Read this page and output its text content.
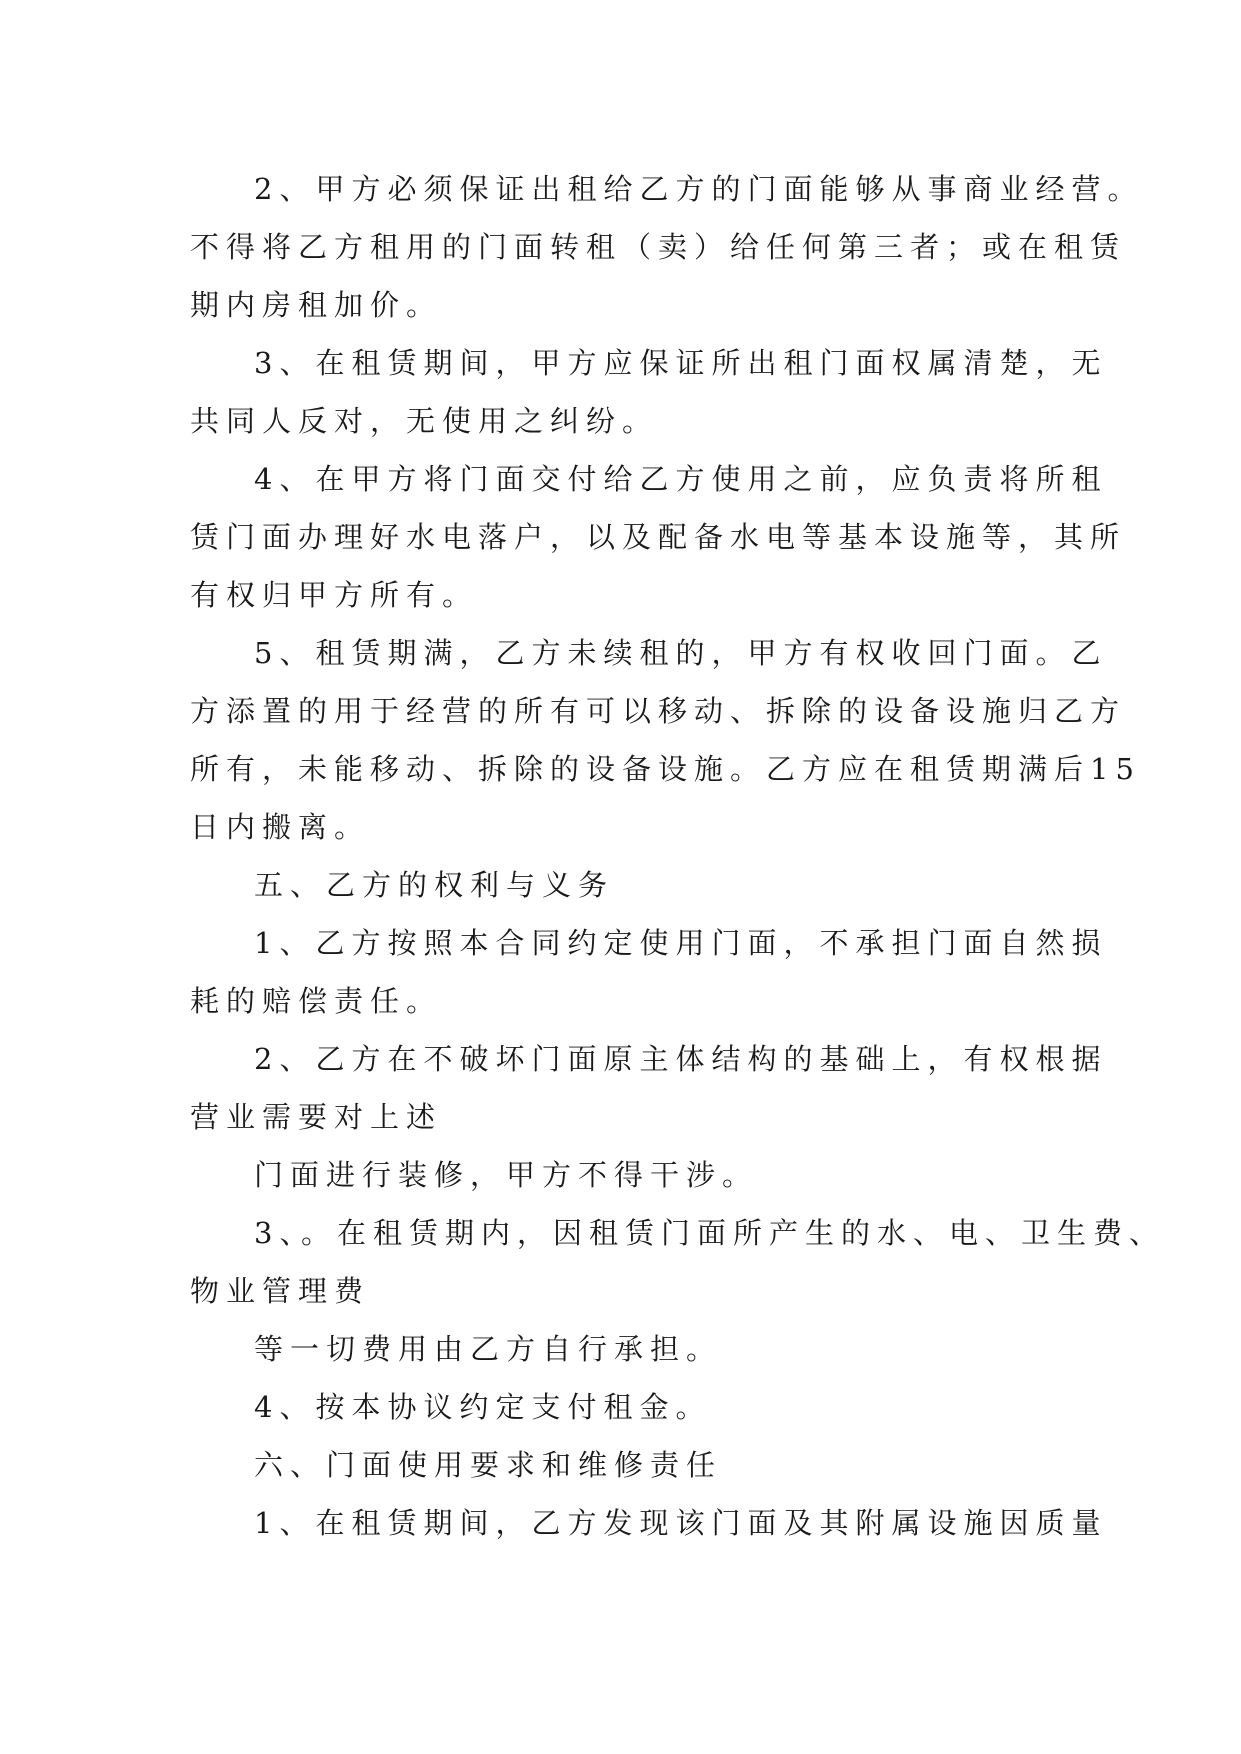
2、甲方必须保证出租给乙方的门面能够从事商业经营。
不得将乙方租用的门面转租（卖）给任何第三者；或在租赁
期内房租加价。
3、在租赁期间，甲方应保证所出租门面权属清楚，无
共同人反对，无使用之纠纷。
4、在甲方将门面交付给乙方使用之前，应负责将所租
赁门面办理好水电落户，以及配备水电等基本设施等，其所
有权归甲方所有。
5、租赁期满，乙方未续租的，甲方有权收回门面。乙
方添置的用于经营的所有可以移动、拆除的设备设施归乙方
所有，未能移动、拆除的设备设施。乙方应在租赁期满后15
日内搬离。
五、乙方的权利与义务
1、乙方按照本合同约定使用门面，不承担门面自然损
耗的赔偿责任。
2、乙方在不破坏门面原主体结构的基础上，有权根据
营业需要对上述
门面进行装修，甲方不得干涉。
3、。在租赁期内，因租赁门面所产生的水、电、卫生费、
物业管理费
等一切费用由乙方自行承担。
4、按本协议约定支付租金。
六、门面使用要求和维修责任
1、在租赁期间，乙方发现该门面及其附属设施因质量
